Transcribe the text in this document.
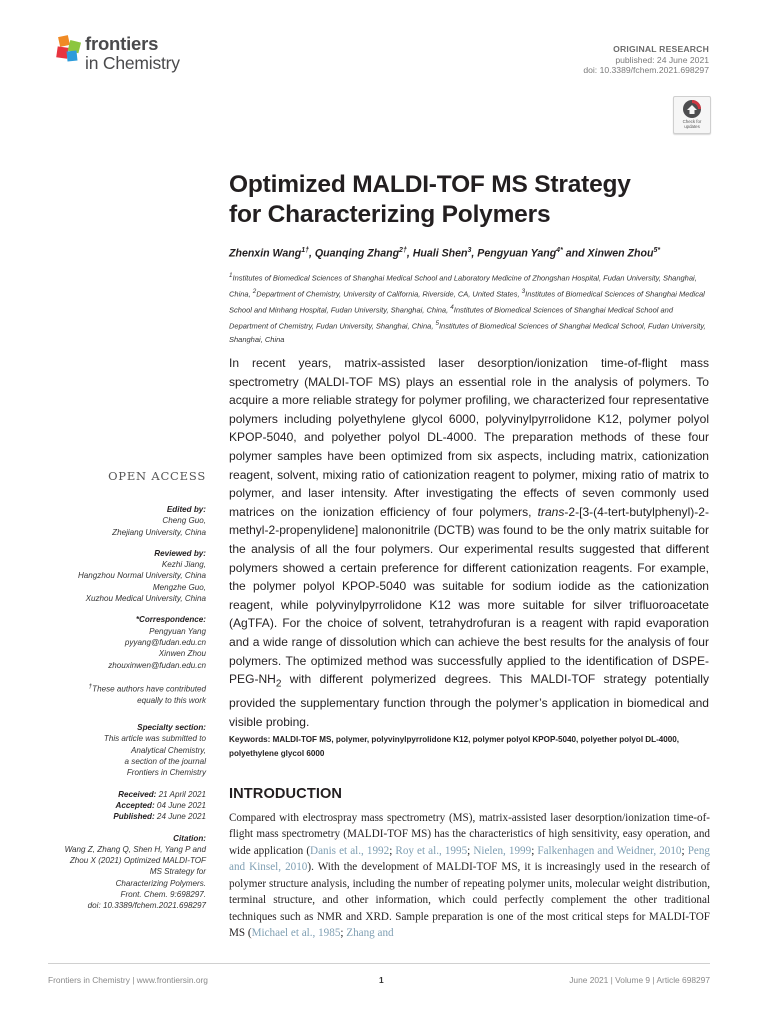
frontiers
in Chemistry
ORIGINAL RESEARCH
published: 24 June 2021
doi: 10.3389/fchem.2021.698297
Check for
updates
Optimized MALDI-TOF MS Strategy
for Characterizing Polymers
Zhenxin Wang$^{1\dagger}$, Quanqing Zhang$^{2\dagger}$, Huali Shen$^3$, Pengyuan Yang$^{4*}$ and Xinwen Zhou$^{5*}$
$^1$Institutes of Biomedical Sciences of Shanghai Medical School and Laboratory Medicine of Zhongshan Hospital, Fudan University, Shanghai, China, $^2$Department of Chemistry, University of California, Riverside, CA, United States, $^3$Institutes of Biomedical Sciences of Shanghai Medical School and Minhang Hospital, Fudan University, Shanghai, China, $^4$Institutes of Biomedical Sciences of Shanghai Medical School and Department of Chemistry, Fudan University, Shanghai, China, $^5$Institutes of Biomedical Sciences of Shanghai Medical School, Fudan University, Shanghai, China
In recent years, matrix-assisted laser desorption/ionization time-of-flight mass spectrometry (MALDI-TOF MS) plays an essential role in the analysis of polymers. To acquire a more reliable strategy for polymer profiling, we characterized four representative polymers including polyethylene glycol 6000, polyvinylpyrrolidone K12, polymer polyol KPOP-5040, and polyether polyol DL-4000. The preparation methods of these four polymer samples have been optimized from six aspects, including matrix, cationization reagent, solvent, mixing ratio of cationization reagent to polymer, mixing ratio of matrix to polymer, and laser intensity. After investigating the effects of seven commonly used matrices on the ionization efficiency of four polymers, trans-2-[3-(4-tert-butylphenyl)-2-methyl-2-propenylidene] malononitrile (DCTB) was found to be the only matrix suitable for the analysis of all the four polymers. Our experimental results suggested that different polymers showed a certain preference for different cationization reagents. For example, the polymer polyol KPOP-5040 was suitable for sodium iodide as the cationization reagent, while polyvinylpyrrolidone K12 was more suitable for silver trifluoroacetate (AgTFA). For the choice of solvent, tetrahydrofuran is a reagent with rapid evaporation and a wide range of dissolution which can achieve the best results for the analysis of four polymers. The optimized method was successfully applied to the identification of DSPE-$PEG-NH_2$ with different polymerized degrees. This MALDI-TOF strategy potentially provided the supplementary function through the polymer’s application in biomedical and visible probing.
Keywords: MALDI-TOF MS, polymer, polyvinylpyrrolidone K12, polymer polyol KPOP-5040, polyether polyol DL-4000, polyethylene glycol 6000
OPEN ACCESS
Edited by:
Cheng Guo,
Zhejiang University, China
Reviewed by:
Kezhi Jiang,
Hangzhou Normal University, China
Mengzhe Guo,
Xuzhou Medical University, China
*Correspondence:
Pengyuan Yang
pyyang@fudan.edu.cn
Xinwen Zhou
zhouxinwen@fudan.edu.cn
†These authors have contributed
equally to this work
Specialty section:
This article was submitted to
Analytical Chemistry,
a section of the journal
Frontiers in Chemistry
Received: 21 April 2021
Accepted: 04 June 2021
Published: 24 June 2021
Citation:
Wang Z, Zhang Q, Shen H, Yang P and
Zhou X (2021) Optimized MALDI-TOF
MS Strategy for
Characterizing Polymers.
Front. Chem. 9:698297.
doi: 10.3389/fchem.2021.698297
INTRODUCTION
Compared with electrospray mass spectrometry (MS), matrix-assisted laser desorption/ionization time-of-flight mass spectrometry (MALDI-TOF MS) has the characteristics of high sensitivity, easy operation, and wide application (Danis et al., 1992; Roy et al., 1995; Nielen, 1999; Falkenhagen and Weidner, 2010; Peng and Kinsel, 2010). With the development of MALDI-TOF MS, it is increasingly used in the research of polymer structure analysis, including the number of repeating polymer units, molecular weight distribution, terminal structure, and other information, which could perfectly complement the other traditional techniques such as NMR and XRD. Sample preparation is one of the most critical steps for MALDI-TOF MS (Michael et al., 1985; Zhang and
Frontiers in Chemistry | www.frontiersin.org	1	June 2021 | Volume 9 | Article 698297
